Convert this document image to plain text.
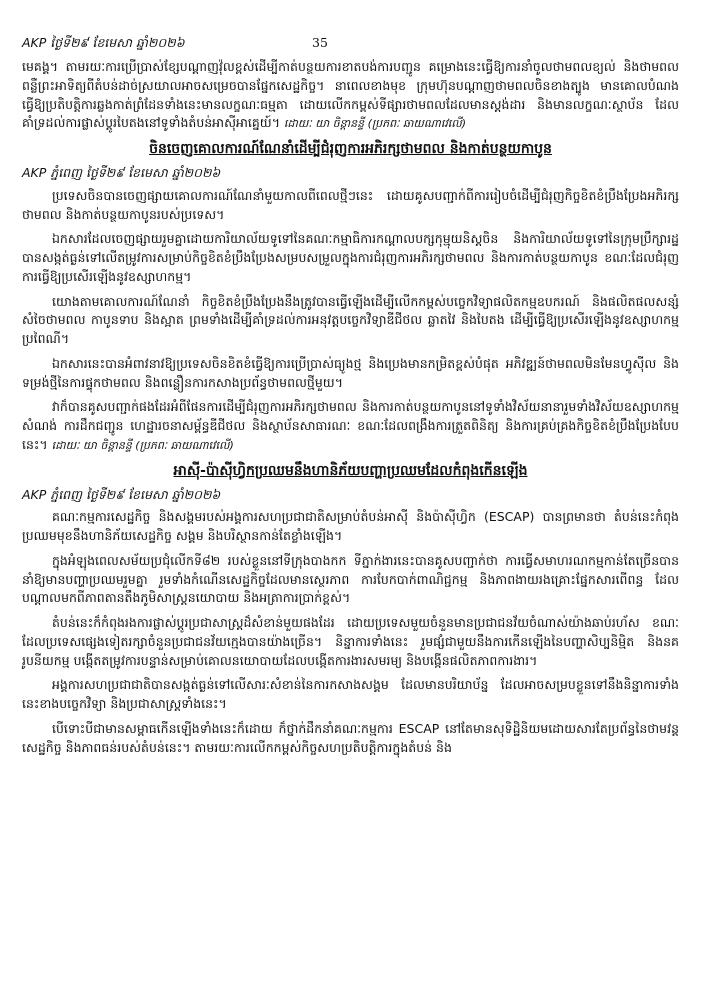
AKP ថ្ងៃទី២៩ ខែមេសា ឆ្នាំ២០២៦	35

មេគង្គ។ តាមរយៈការប្រើប្រាស់ខ្សែបណ្តាញវ៉ុលខ្ពស់ដើម្បីកាត់បន្ថយការខាតបង់ការបញ្ជូន គម្រោងនេះធ្វើឱ្យការនាំចូលថាមពលខ្យល់ និងថាមពលពន្លឺព្រះអាទិត្យពីតំបន់ដាច់ស្រយាលអាចសម្រេចបានផ្នែកសេដ្ឋកិច្ច។ នាពេលខាងមុខ ក្រុមហ៊ុនបណ្តាញថាមពលចិនខាងត្បូង មានគោលបំណងធ្វើឱ្យប្រតិបត្តិការឆ្លងកាត់ព្រំដែនទាំងនេះមានលក្ខណៈធម្មតា ដោយលើកកម្ពស់ទីផ្សារថាមពលដែលមានស្តង់ដារ និងមានលក្ខណៈស្ថាប័ន ដែលគាំទ្រដល់ការផ្លាស់ប្តូរបៃតងនៅទូទាំងតំបន់អាស៊ីអាគ្នេយ៍។ ដោយៈ យា ចិន្តានន្ទី (ប្រភពៈ ឆាយណាវេលើ)

ចិនចេញគោលការណ៍ណែនាំដើម្បីជំរុញការអភិរក្សថាមពល និងកាត់បន្ថយកាបូន
AKP ភ្នំពេញ ថ្ងៃទី២៩ ខែមេសា ឆ្នាំ២០២៦

ប្រទេសចិនបានចេញផ្សាយគោលការណ៍ណែនាំមួយកាលពីពេលថ្មីៗនេះ ដោយគូសបញ្ជាក់ពីការរៀបចំដើម្បីជំរុញកិច្ចខិតខំប្រឹងប្រែងអភិរក្សថាមពល និងកាត់បន្ថយកាបូនរបស់ប្រទេស។

ឯកសារដែលចេញផ្សាយរួមគ្នាដោយការិយាល័យទូទៅនៃគណៈកម្មាធិការកណ្តាលបក្សកុម្មុយនិស្តចិន និងការិយាល័យទូទៅនៃក្រុមប្រឹក្សារដ្ឋ បានសង្កត់ធ្ងន់ទៅលើតម្រូវការសម្រាប់កិច្ចខិតខំប្រឹងប្រែងសម្របសម្រួលក្នុងការជំរុញការអភិរក្សថាមពល និងការកាត់បន្ថយកាបូន ខណៈដែលជំរុញការធ្វើឱ្យប្រសើរឡើងនូវឧស្សាហកម្ម។

យោងតាមគោលការណ៍ណែនាំ កិច្ចខិតខំប្រឹងប្រែងនឹងត្រូវបានធ្វើឡើងដើម្បីលើកកម្ពស់បច្ចេកវិទ្យាផលិតកម្មឧបករណ៍ និងផលិតផលសន្សំសំចៃថាមពល កាបូនទាប និងស្អាត ព្រមទាំងដើម្បីគាំទ្រដល់ការអនុវត្តបច្ចេកវិទ្យាឌីជីថល ឆ្លាតវៃ និងបៃតង ដើម្បីធ្វើឱ្យប្រសើរឡើងនូវឧស្សាហកម្មប្រពៃណី។

ឯកសារនេះបានអំពាវនាវឱ្យប្រទេសចិនខិតខំធ្វើឱ្យការប្រើប្រាស់ធ្យូងថ្ម និងប្រេងមានកម្រិតខ្ពស់បំផុត អភិវឌ្ឍន៍ថាមពលមិនមែនហ្វូស៊ីល និងទម្រង់ថ្មីនៃការផ្ទុកថាមពល និងពន្លឿនការកសាងប្រព័ន្ធថាមពលថ្មីមួយ។

វាក៏បានគូសបញ្ជាក់ផងដែរអំពីផែនការដើម្បីជំរុញការអភិរក្សថាមពល និងការកាត់បន្ថយកាបូននៅទូទាំងវិស័យនានារួមទាំងវិស័យឧស្សាហកម្ម សំណង់ ការដឹកជញ្ជូន ហេដ្ឋារចនាសម្ព័ន្ធឌីជីថល និងស្ថាប័នសាធារណៈ ខណៈដែលពង្រឹងការត្រួតពិនិត្យ និងការគ្រប់គ្រងកិច្ចខិតខំប្រឹងប្រែងបែបនេះ។ ដោយៈ យា ចិន្តានន្ទី (ប្រភពៈ ឆាយណាវេលើ)

អាស៊ី-ប៉ាស៊ីហ្វិកប្រឈមនឹងហានិភ័យបញ្ហាប្រឈមដែលកំពុងកើនឡើង
AKP ភ្នំពេញ ថ្ងៃទី២៩ ខែមេសា ឆ្នាំ២០២៦

គណៈកម្មការសេដ្ឋកិច្ច និងសង្គមរបស់អង្គការសហប្រជាជាតិសម្រាប់តំបន់អាស៊ី និងប៉ាស៊ីហ្វិក (ESCAP) បានព្រមានថា តំបន់នេះកំពុងប្រឈមមុខនឹងហានិភ័យសេដ្ឋកិច្ច សង្គម និងបរិស្ថានកាន់តែខ្លាំងឡើង។

ក្នុងអំឡុងពេលសម័យប្រជុំលើកទី៨២ របស់ខ្លួននៅទីក្រុងបាងកក ទីភ្នាក់ងារនេះបានគូសបញ្ជាក់ថា ការធ្វើសមាហរណកម្មកាន់តែច្រើនបាននាំឱ្យមានបញ្ហាប្រឈមរួមគ្នា រួមទាំងកំណើនសេដ្ឋកិច្ចដែលមានស្ថេរភាព ការបែកបាក់ពាណិជ្ជកម្ម និងភាពងាយរងគ្រោះផ្នែកសារពើពន្ធ ដែលបណ្តាលមកពីភាពតានតឹងភូមិសាស្ត្រនយោបាយ និងអត្រាការប្រាក់ខ្ពស់។

តំបន់នេះក៏កំពុងរងការផ្លាស់ប្តូរប្រជាសាស្ត្រដ៏សំខាន់មួយផងដែរ ដោយប្រទេសមួយចំនួនមានប្រជាជនវ័យចំណាស់យ៉ាងឆាប់រហ័ស ខណៈដែលប្រទេសផ្សេងទៀតរក្សាចំនួនប្រជាជនវ័យក្មេងបានយ៉ាងច្រើន។ និន្នាការទាំងនេះ រួមផ្សំជាមួយនឹងការកើនឡើងនៃបញ្ហាសិប្បនិម្មិត និងនគរូបនីយកម្ម បង្កើតតម្រូវការបន្ទាន់សម្រាប់គោលនយោបាយដែលបង្កើតការងារសមរម្យ និងបង្កើនផលិតភាពការងារ។

អង្គការសហប្រជាជាតិបានសង្កត់ធ្ងន់ទៅលើសារៈសំខាន់នៃការកសាងសង្គម ដែលមានបរិយាប័ន្ន ដែលអាចសម្របខ្លួនទៅនឹងនិន្នាការទាំងនេះខាងបច្ចេកវិទ្យា និងប្រជាសាស្ត្រទាំងនេះ។

បើទោះបីជាមានសម្ពាធកើនឡើងទាំងនេះក៏ដោយ ក៏ថ្នាក់ដឹកនាំគណៈកម្មការ ESCAP នៅតែមានសុទិដ្ឋិនិយមដោយសារតែប្រព័ន្ធនៃថាមវន្តសេដ្ឋកិច្ច និងភាពធន់របស់តំបន់នេះ។ តាមរយៈការលើកកម្ពស់កិច្ចសហប្រតិបត្តិការក្នុងតំបន់ និង
